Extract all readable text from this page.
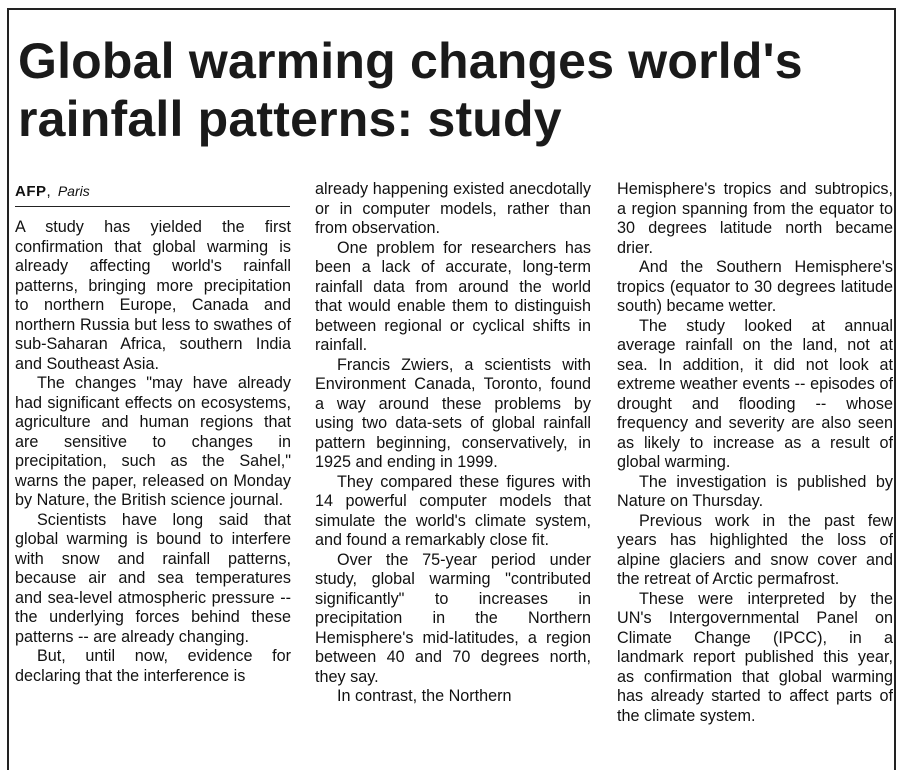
Global warming changes world's rainfall patterns: study
AFP, Paris

A study has yielded the first confirmation that global warming is already affecting world's rainfall patterns, bringing more precipitation to northern Europe, Canada and northern Russia but less to swathes of sub-Saharan Africa, southern India and Southeast Asia.

The changes "may have already had significant effects on ecosystems, agriculture and human regions that are sensitive to changes in precipitation, such as the Sahel," warns the paper, released on Monday by Nature, the British science journal.

Scientists have long said that global warming is bound to interfere with snow and rainfall patterns, because air and sea temperatures and sea-level atmospheric pressure -- the underlying forces behind these patterns -- are already changing.

But, until now, evidence for declaring that the interference is

already happening existed anecdotally or in computer models, rather than from observation.

One problem for researchers has been a lack of accurate, long-term rainfall data from around the world that would enable them to distinguish between regional or cyclical shifts in rainfall.

Francis Zwiers, a scientists with Environment Canada, Toronto, found a way around these problems by using two data-sets of global rainfall pattern beginning, conservatively, in 1925 and ending in 1999.

They compared these figures with 14 powerful computer models that simulate the world's climate system, and found a remarkably close fit.

Over the 75-year period under study, global warming "contributed significantly" to increases in precipitation in the Northern Hemisphere's mid-latitudes, a region between 40 and 70 degrees north, they say.

In contrast, the Northern

Hemisphere's tropics and subtropics, a region spanning from the equator to 30 degrees latitude north became drier.

And the Southern Hemisphere's tropics (equator to 30 degrees latitude south) became wetter.

The study looked at annual average rainfall on the land, not at sea. In addition, it did not look at extreme weather events -- episodes of drought and flooding -- whose frequency and severity are also seen as likely to increase as a result of global warming.

The investigation is published by Nature on Thursday.

Previous work in the past few years has highlighted the loss of alpine glaciers and snow cover and the retreat of Arctic permafrost.

These were interpreted by the UN's Intergovernmental Panel on Climate Change (IPCC), in a landmark report published this year, as confirmation that global warming has already started to affect parts of the climate system.
